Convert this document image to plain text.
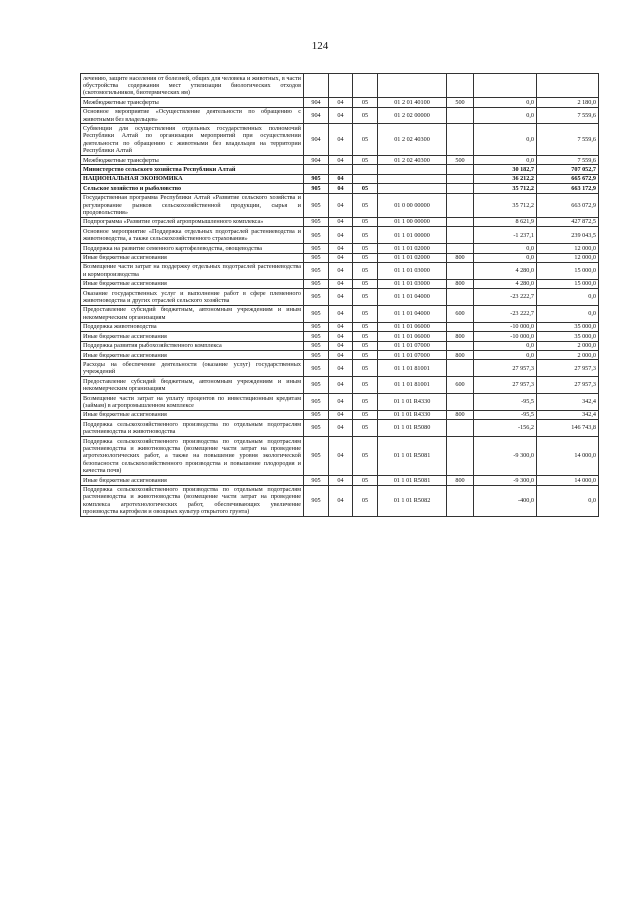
124
лечению, защите населения от болезней, общих для человека и животных, в части обустройства содержания мест утилизации биологических отходов (скотомогильников, биотермических ям)							
Межбюджетные трансферты	904	04	05	01 2 01 40100	500	0,0	2 180,0
Основное мероприятие «Осуществление деятельности по обращению с животными без владельцев»	904	04	05	01 2 02 00000		0,0	7 559,6
Субвенции для осуществления отдельных государственных полномочий Республики Алтай по организации мероприятий при осуществлении деятельности по обращению с животными без владельцев на территории Республики Алтай	904	04	05	01 2 02 40300		0,0	7 559,6
Межбюджетные трансферты	904	04	05	01 2 02 40300	500	0,0	7 559,6
Министерство сельского хозяйства Республики Алтай						30 182,7	707 052,7
НАЦИОНАЛЬНАЯ ЭКОНОМИКА	905	04				36 212,2	665 672,9
Сельское хозяйство и рыболовство	905	04	05			35 712,2	663 172,9
Государственная программа Республики Алтай «Развитие сельского хозяйства и регулирование рынков сельскохозяйственной продукции, сырья и продовольствия»	905	04	05	01 0 00 00000		35 712,2	663 072,9
Подпрограмма «Развитие отраслей агропромышленного комплекса»	905	04	05	01 1 00 00000		8 621,9	427 872,5
Основное мероприятие «Поддержка отдельных подотраслей растениеводства и животноводства, а также сельскохозяйственного страхования»	905	04	05	01 1 01 00000		-1 237,1	239 043,5
Поддержка на развитие семенного картофелеводства, овощеводства	905	04	05	01 1 01 02000		0,0	12 000,0
Иные бюджетные ассигнования	905	04	05	01 1 01 02000	800	0,0	12 000,0
Возмещение части затрат на поддержку отдельных подотраслей растениеводства и кормопроизводства	905	04	05	01 1 01 03000		4 280,0	15 000,0
Иные бюджетные ассигнования	905	04	05	01 1 01 03000	800	4 280,0	15 000,0
Оказание государственных услуг и выполнение работ в сфере племенного животноводства и других отраслей сельского хозяйства	905	04	05	01 1 01 04000		-23 222,7	0,0
Предоставление субсидий бюджетным, автономным учреждениям и иным некоммерческим организациям	905	04	05	01 1 01 04000	600	-23 222,7	0,0
Поддержка животноводства	905	04	05	01 1 01 06000		-10 000,0	35 000,0
Иные бюджетные ассигнования	905	04	05	01 1 01 06000	800	-10 000,0	35 000,0
Поддержка развития рыбохозяйственного комплекса	905	04	05	01 1 01 07000		0,0	2 000,0
Иные бюджетные ассигнования	905	04	05	01 1 01 07000	800	0,0	2 000,0
Расходы на обеспечение деятельности (оказание услуг) государственных учреждений	905	04	05	01 1 01 81001		27 957,3	27 957,3
Предоставление субсидий бюджетным, автономным учреждениям и иным некоммерческим организациям	905	04	05	01 1 01 81001	600	27 957,3	27 957,3
Возмещение части затрат на уплату процентов по инвестиционным кредитам (займам) в агропромышленном комплексе	905	04	05	01 1 01 R4330		-95,5	342,4
Иные бюджетные ассигнования	905	04	05	01 1 01 R4330	800	-95,5	342,4
Поддержка сельскохозяйственного производства по отдельным подотраслям растениеводства и животноводства	905	04	05	01 1 01 R5080		-156,2	146 743,8
Поддержка сельскохозяйственного производства по отдельным подотраслям растениеводства и животноводства (возмещение части затрат на проведение агротехнологических работ, а также на повышение уровня экологической безопасности сельскохозяйственного производства и повышение плодородия и качества почв)	905	04	05	01 1 01 R5081		-9 300,0	14 000,0
Иные бюджетные ассигнования	905	04	05	01 1 01 R5081	800	-9 300,0	14 000,0
Поддержка сельскохозяйственного производства по отдельным подотраслям растениеводства и животноводства (возмещение части затрат на проведение комплекса агротехнологических работ, обеспечивающих увеличение производства картофеля и овощных культур открытого грунта)	905	04	05	01 1 01 R5082		-400,0	0,0
